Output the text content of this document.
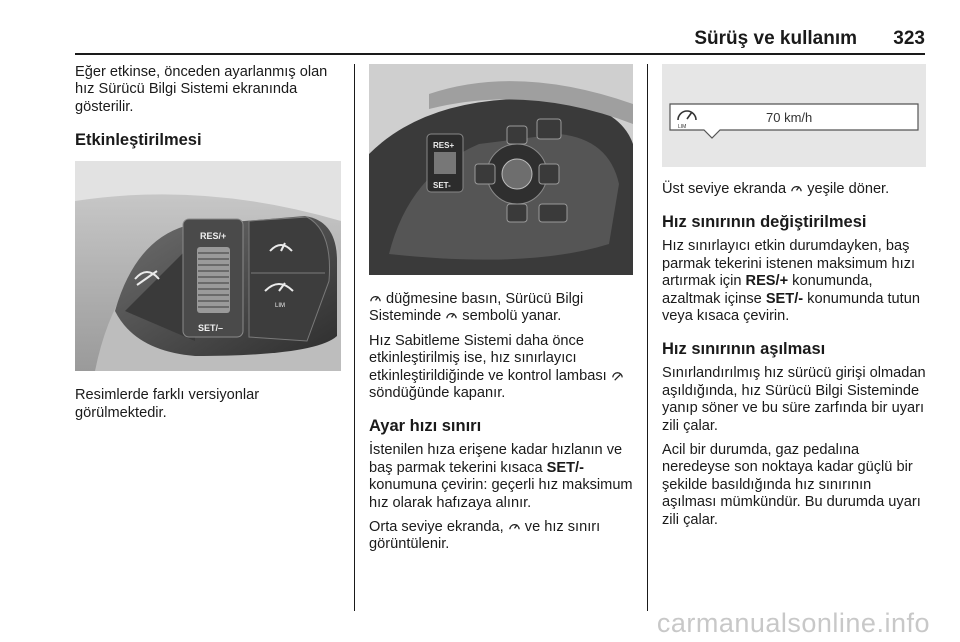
Sürüş ve kullanım 323

Eğer etkinse, önceden ayarlanmış olan hız Sürücü Bilgi Sistemi ekranında gösterilir.

Etkinleştirilmesi
RES/+
SET/–
LIM

Resimlerde farklı versiyonlar görülmektedir.

RES+
SET-

düğmesine basın, Sürücü Bilgi Sisteminde  sembolü yanar.

Hız Sabitleme Sistemi daha önce etkinleştirilmiş ise, hız sınırlayıcı etkinleştirildiğinde ve kontrol lambası  söndüğünde kapanır.

Ayar hızı sınırı

İstenilen hıza erişene kadar hızlanın ve baş parmak tekerini kısaca SET/- konumuna çevirin: geçerli hız maksimum hız olarak hafızaya alınır.

Orta seviye ekranda,  ve hız sınırı görüntülenir.

LIM
70 km/h

Üst seviye ekranda  yeşile döner.

Hız sınırının değiştirilmesi

Hız sınırlayıcı etkin durumdayken, baş parmak tekerini istenen maksimum hızı artırmak için RES/+ konumunda, azaltmak içinse SET/- konumunda tutun veya kısaca çevirin.

Hız sınırının aşılması

Sınırlandırılmış hız sürücü girişi olmadan aşıldığında, hız Sürücü Bilgi Sisteminde yanıp söner ve bu süre zarfında bir uyarı zili çalar.

Acil bir durumda, gaz pedalına neredeyse son noktaya kadar güçlü bir şekilde basıldığında hız sınırının aşılması mümkündür. Bu durumda uyarı zili çalar.

carmanualsonline.info
